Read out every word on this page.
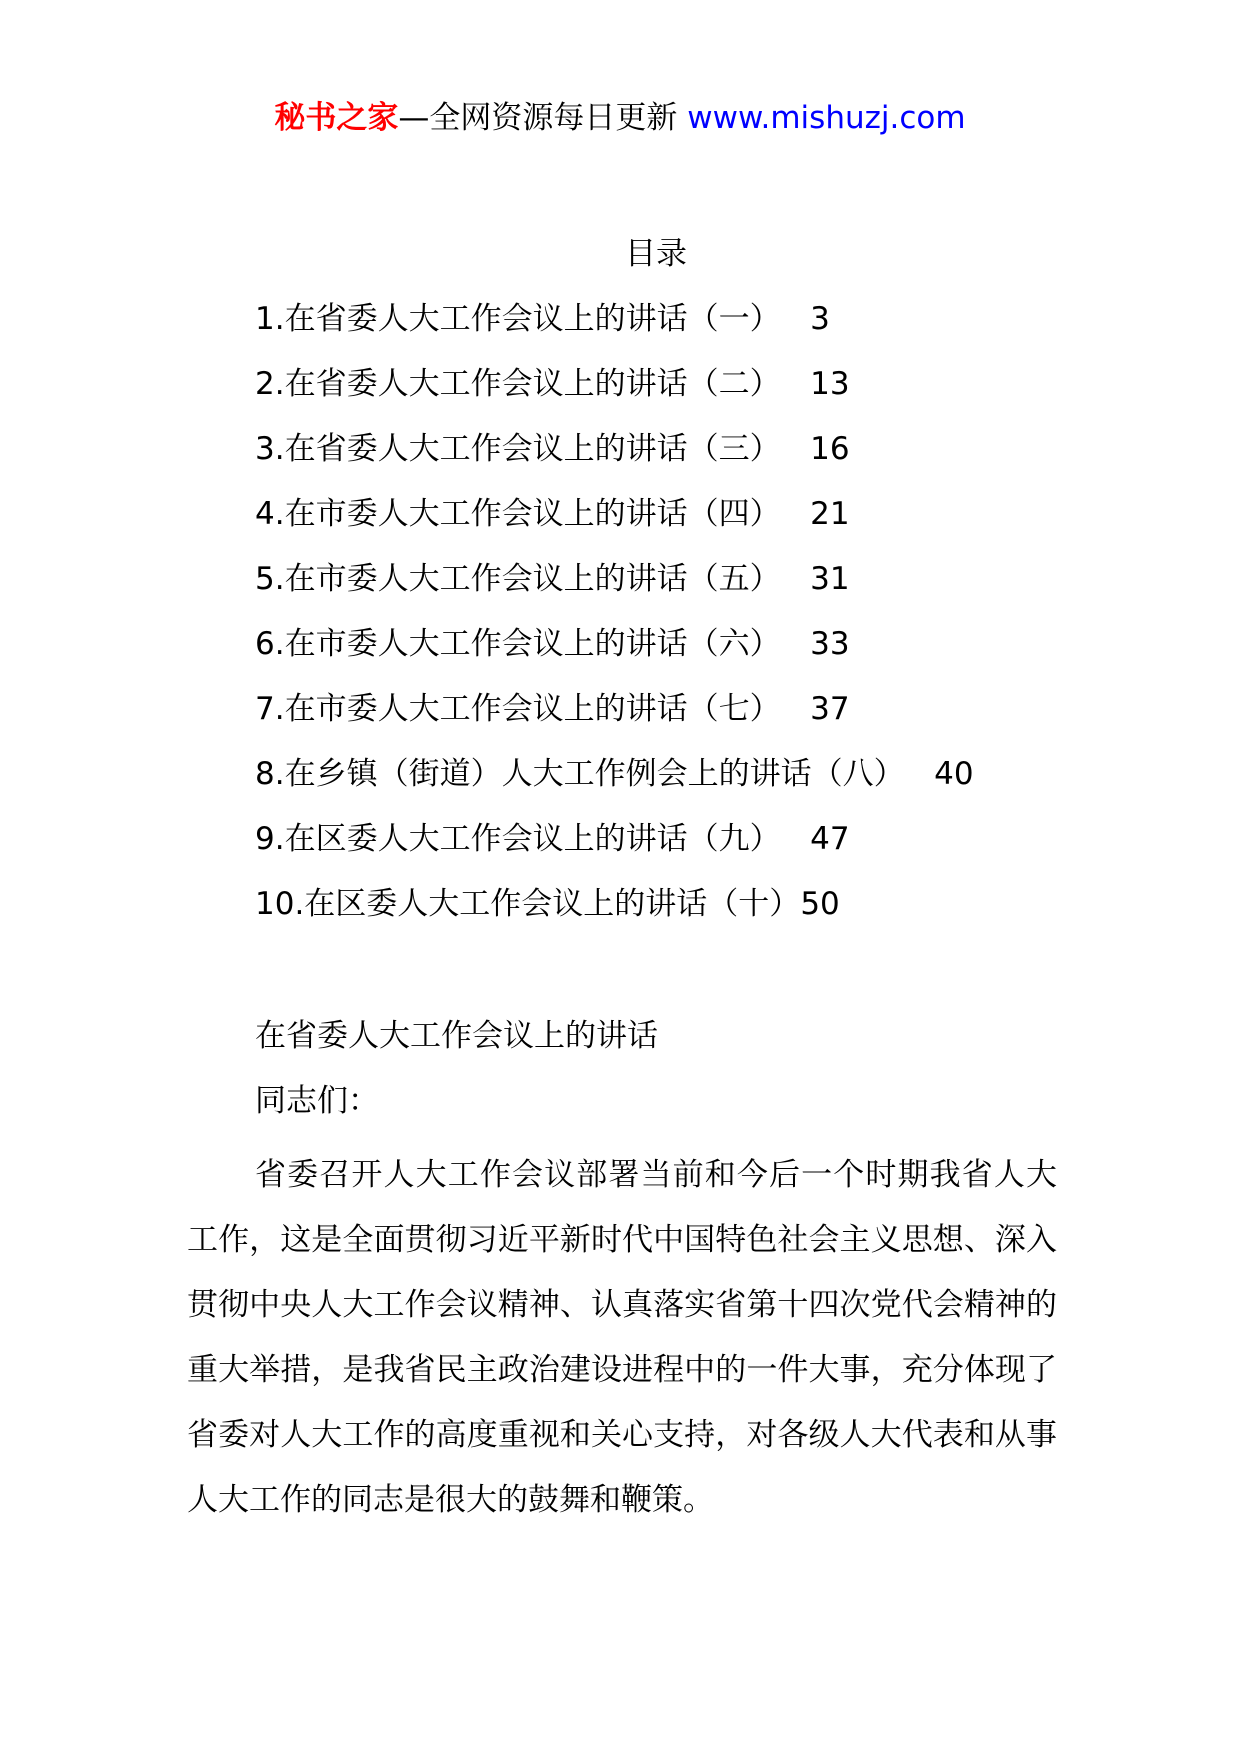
秘书之家—全网资源每日更新 www.mishuzj.com
目录
1.在省委人大工作会议上的讲话（一） 3
2.在省委人大工作会议上的讲话（二） 13
3.在省委人大工作会议上的讲话（三） 16
4.在市委人大工作会议上的讲话（四） 21
5.在市委人大工作会议上的讲话（五） 31
6.在市委人大工作会议上的讲话（六） 33
7.在市委人大工作会议上的讲话（七） 37
8.在乡镇（街道）人大工作例会上的讲话（八） 40
9.在区委人大工作会议上的讲话（九） 47
10.在区委人大工作会议上的讲话（十）50
在省委人大工作会议上的讲话
同志们：

省委召开人大工作会议部署当前和今后一个时期我省人大工作，这是全面贯彻习近平新时代中国特色社会主义思想、深入贯彻中央人大工作会议精神、认真落实省第十四次党代会精神的重大举措，是我省民主政治建设进程中的一件大事，充分体现了省委对人大工作的高度重视和关心支持，对各级人大代表和从事人大工作的同志是很大的鼓舞和鞭策。
